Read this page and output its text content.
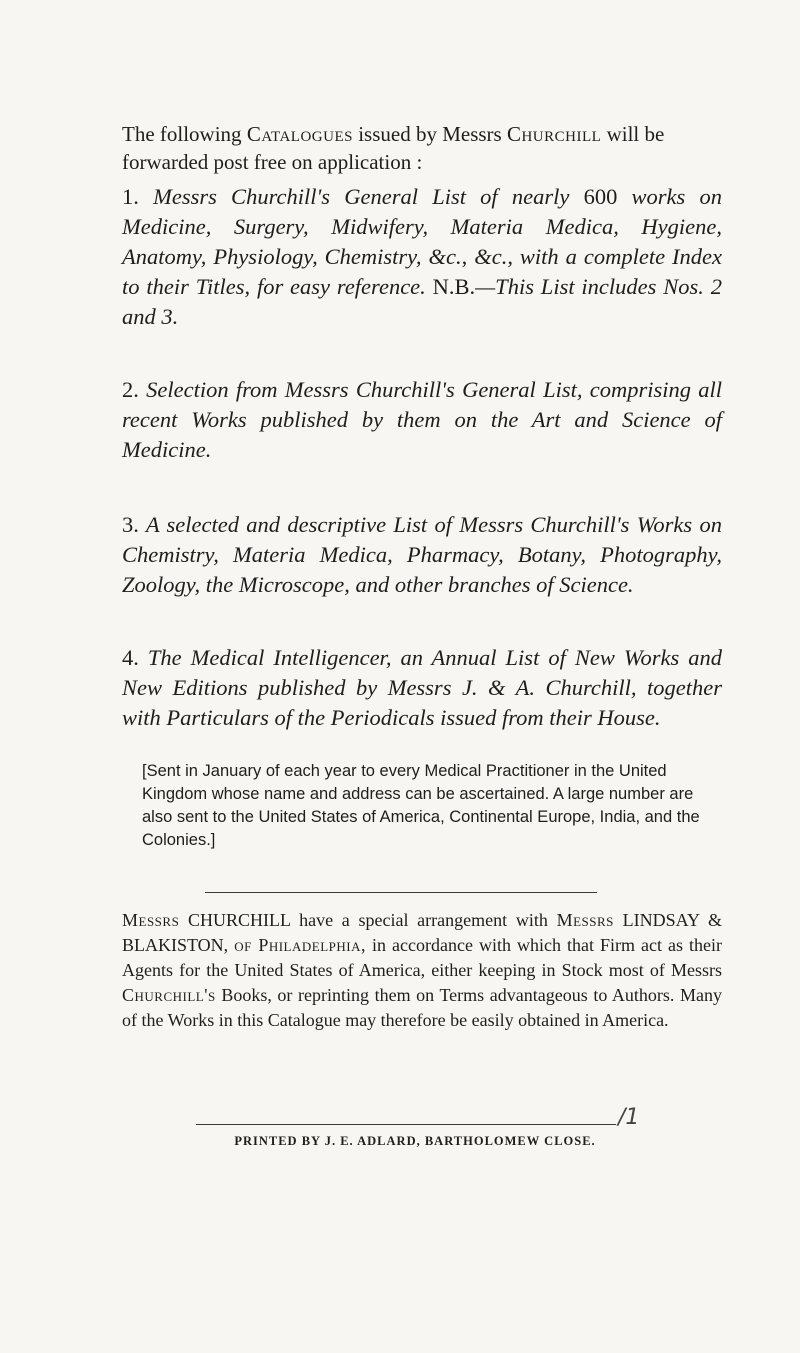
The following Catalogues issued by Messrs Churchill will be forwarded post free on application :
1. Messrs Churchill's General List of nearly 600 works on Medicine, Surgery, Midwifery, Materia Medica, Hygiene, Anatomy, Physiology, Chemistry, &c., &c., with a complete Index to their Titles, for easy reference. N.B.—This List includes Nos. 2 and 3.
2. Selection from Messrs Churchill's General List, comprising all recent Works published by them on the Art and Science of Medicine.
3. A selected and descriptive List of Messrs Churchill's Works on Chemistry, Materia Medica, Pharmacy, Botany, Photography, Zoology, the Microscope, and other branches of Science.
4. The Medical Intelligencer, an Annual List of New Works and New Editions published by Messrs J. & A. Churchill, together with Particulars of the Periodicals issued from their House.
[Sent in January of each year to every Medical Practitioner in the United Kingdom whose name and address can be ascertained. A large number are also sent to the United States of America, Continental Europe, India, and the Colonies.]
Messrs CHURCHILL have a special arrangement with Messrs LINDSAY & BLAKISTON, of Philadelphia, in accordance with which that Firm act as their Agents for the United States of America, either keeping in Stock most of Messrs Churchill's Books, or reprinting them on Terms advantageous to Authors. Many of the Works in this Catalogue may therefore be easily obtained in America.
/1
PRINTED BY J. E. ADLARD, BARTHOLOMEW CLOSE.
